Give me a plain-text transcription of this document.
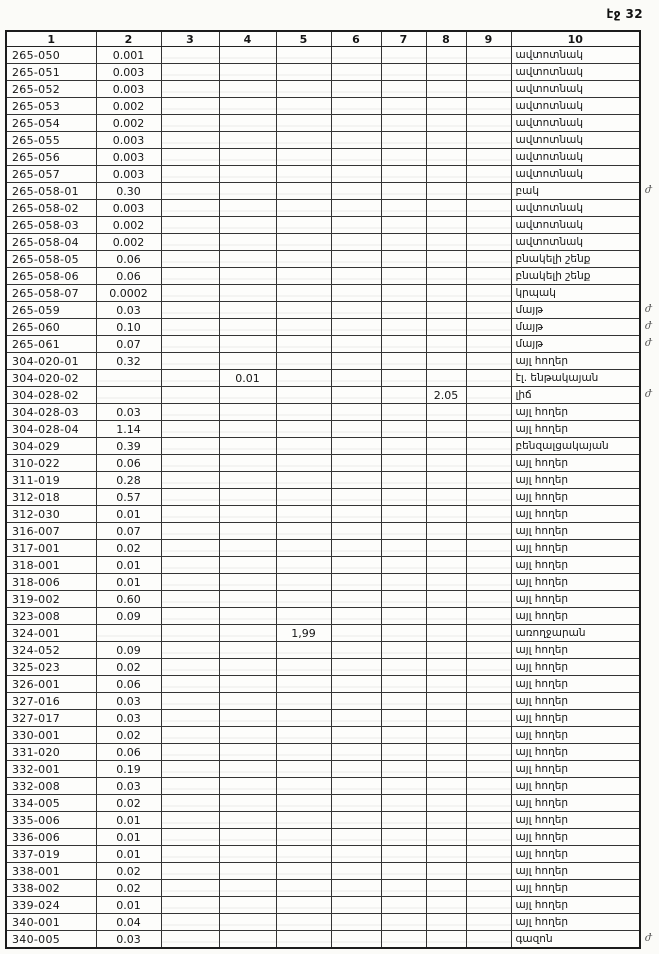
էջ 32
1	2	3	4	5	6	7	8	9	10
265-050	0.001								ավտոտնակ
265-051	0.003								ավտոտնակ
265-052	0.003								ավտոտնակ
265-053	0.002								ավտոտնակ
265-054	0.002								ավտոտնակ
265-055	0.003								ավտոտնակ
265-056	0.003								ավտոտնակ
265-057	0.003								ավտոտնակ
265-058-01	0.30								բակ
265-058-02	0.003								ավտոտնակ
265-058-03	0.002								ավտոտնակ
265-058-04	0.002								ավտոտնակ
265-058-05	0.06								բնակելի շենք
265-058-06	0.06								բնակելի շենք
265-058-07	0.0002								կրպակ
265-059	0.03								մայթ
265-060	0.10								մայթ
265-061	0.07								մայթ
304-020-01	0.32								այլ հողեր
304-020-02			0.01						էլ. ենթակայան
304-028-02							2.05		լիճ
304-028-03	0.03								այլ հողեր
304-028-04	1.14								այլ հողեր
304-029	0.39								բենզալցակայան
310-022	0.06								այլ հողեր
311-019	0.28								այլ հողեր
312-018	0.57								այլ հողեր
312-030	0.01								այլ հողեր
316-007	0.07								այլ հողեր
317-001	0.02								այլ հողեր
318-001	0.01								այլ հողեր
318-006	0.01								այլ հողեր
319-002	0.60								այլ հողեր
323-008	0.09								այլ հողեր
324-001				1,99					առողջարան
324-052	0.09								այլ հողեր
325-023	0.02								այլ հողեր
326-001	0.06								այլ հողեր
327-016	0.03								այլ հողեր
327-017	0.03								այլ հողեր
330-001	0.02								այլ հողեր
331-020	0.06								այլ հողեր
332-001	0.19								այլ հողեր
332-008	0.03								այլ հողեր
334-005	0.02								այլ հողեր
335-006	0.01								այլ հողեր
336-006	0.01								այլ հողեր
337-019	0.01								այլ հողեր
338-001	0.02								այլ հողեր
338-002	0.02								այլ հողեր
339-024	0.01								այլ հողեր
340-001	0.04								այլ հողեր
340-005	0.03								գազոն
ժ
ժ
ժ
ժ
ժ
ժ
